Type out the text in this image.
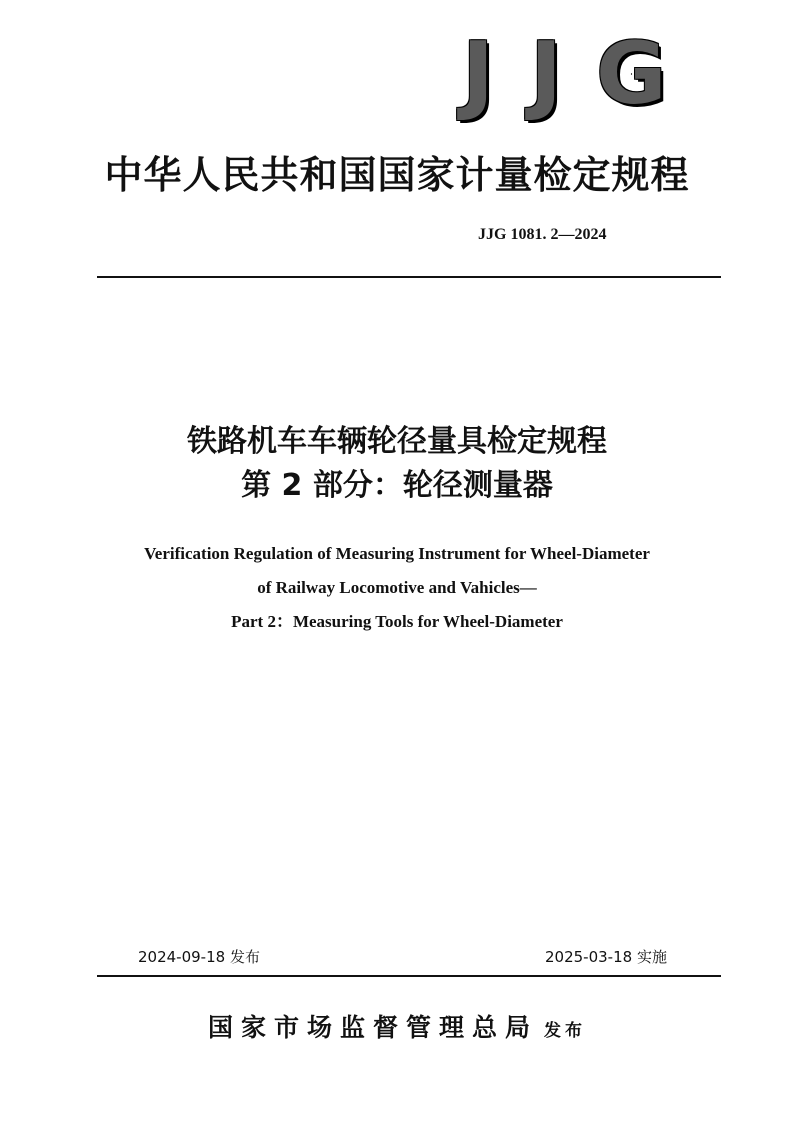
J J G
中华人民共和国国家计量检定规程
JJG 1081. 2—2024
铁路机车车辆轮径量具检定规程
第 2 部分：轮径测量器
Verification Regulation of Measuring Instrument for Wheel-Diameter
of Railway Locomotive and Vahicles—
Part 2：Measuring Tools for Wheel-Diameter
2024-09-18 发布	2025-03-18 实施
国家市场监督管理总局 发布
